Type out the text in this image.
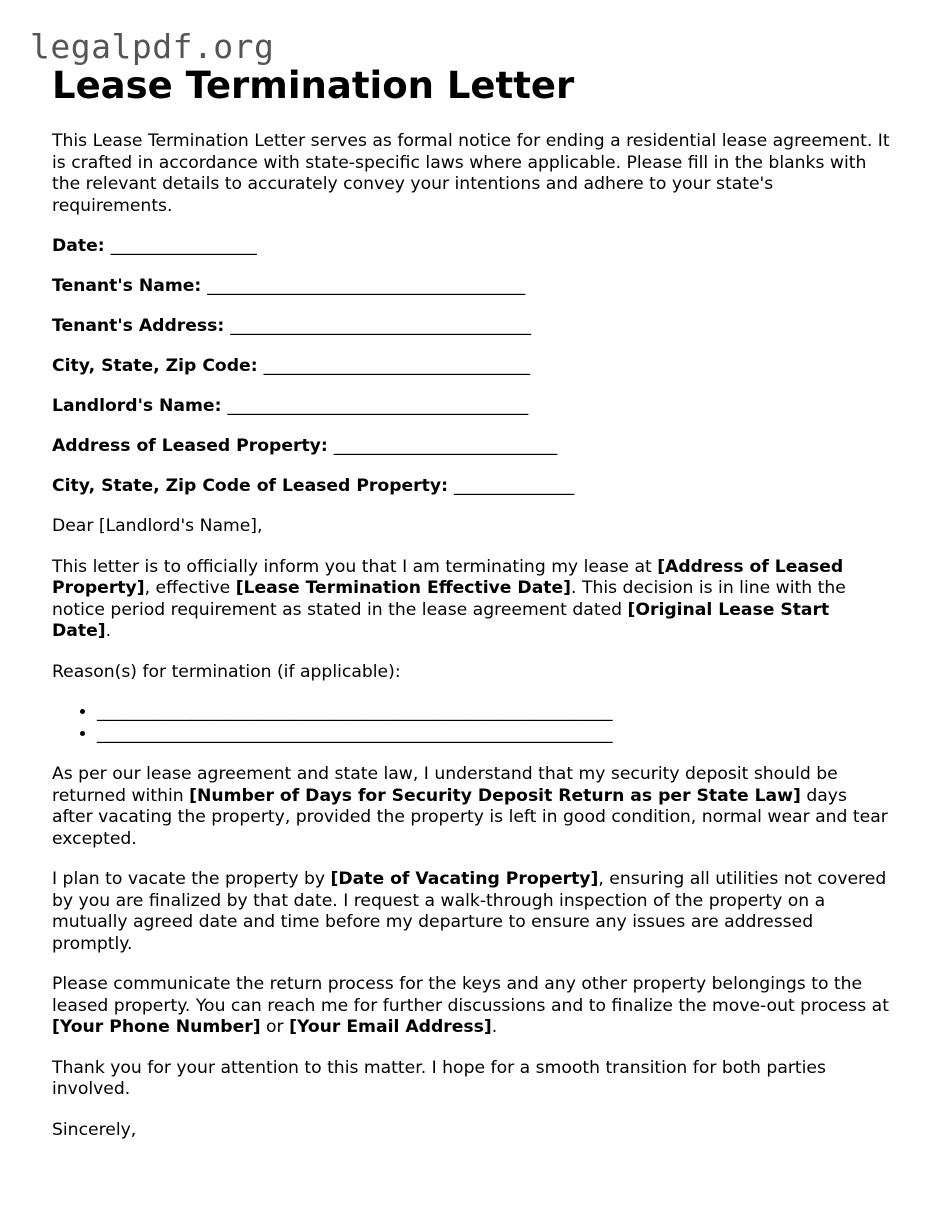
legalpdf.org
Lease Termination Letter

This Lease Termination Letter serves as formal notice for ending a residential lease agreement. It is crafted in accordance with state-specific laws where applicable. Please fill in the blanks with the relevant details to accurately convey your intentions and adhere to your state's requirements.

Date: _________________
Tenant's Name: _____________________________________
Tenant's Address: ___________________________________
City, State, Zip Code: _______________________________
Landlord's Name: ___________________________________
Address of Leased Property: __________________________
City, State, Zip Code of Leased Property: ______________

Dear [Landlord's Name],

This letter is to officially inform you that I am terminating my lease at [Address of Leased Property], effective [Lease Termination Effective Date]. This decision is in line with the notice period requirement as stated in the lease agreement dated [Original Lease Start Date].

Reason(s) for termination (if applicable):

• ____________________________________________________________
• ____________________________________________________________

As per our lease agreement and state law, I understand that my security deposit should be returned within [Number of Days for Security Deposit Return as per State Law] days after vacating the property, provided the property is left in good condition, normal wear and tear excepted.

I plan to vacate the property by [Date of Vacating Property], ensuring all utilities not covered by you are finalized by that date. I request a walk-through inspection of the property on a mutually agreed date and time before my departure to ensure any issues are addressed promptly.

Please communicate the return process for the keys and any other property belongings to the leased property. You can reach me for further discussions and to finalize the move-out process at [Your Phone Number] or [Your Email Address].

Thank you for your attention to this matter. I hope for a smooth transition for both parties involved.

Sincerely,
